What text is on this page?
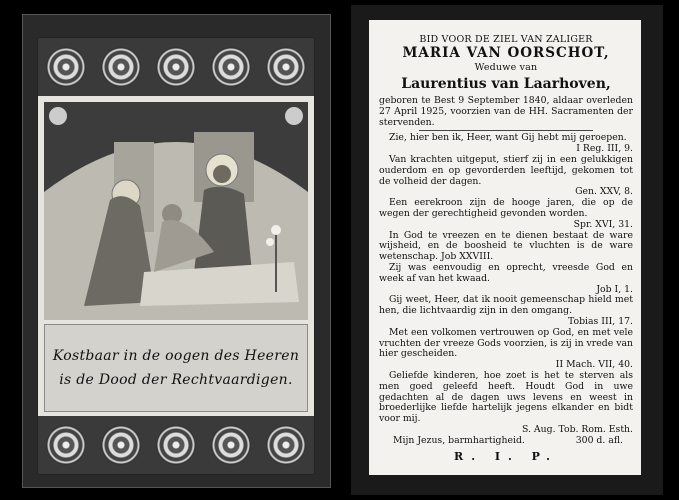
Kostbaar in de oogen des Heeren
is de Dood der Rechtvaardigen.
BID VOOR DE ZIEL VAN ZALIGER
MARIA VAN OORSCHOT,
Weduwe van
Laurentius van Laarhoven,
geboren te Best 9 September 1840, aldaar overleden 27 April 1925, voorzien van de HH. Sacramenten der stervenden.

Zie, hier ben ik, Heer, want Gij hebt mij geroepen.

I Reg. III, 9.

Van krachten uitgeput, stierf zij in een gelukkigen ouderdom en op gevorderden leeftijd, gekomen tot de volheid der dagen.

Gen. XXV, 8.

Een eerekroon zijn de hooge jaren, die op de wegen der gerechtigheid gevonden worden.

Spr. XVI, 31.

In God te vreezen en te dienen bestaat de ware wijsheid, en de boosheid te vluchten is de ware wetenschap. Job XXVIII.

Zij was eenvoudig en oprecht, vreesde God en week af van het kwaad.

Job I, 1.

Gij weet, Heer, dat ik nooit gemeenschap hield met hen, die lichtvaardig zijn in den omgang.

Tobias III, 17.

Met een volkomen vertrouwen op God, en met vele vruchten der vreeze Gods voorzien, is zij in vrede van hier gescheiden.

II Mach. VII, 40.

Geliefde kinderen, hoe zoet is het te sterven als men goed geleefd heeft. Houdt God in uwe gedachten al de dagen uws levens en weest in broederlijke liefde hartelijk jegens elkander en bidt voor mij.

S. Aug. Tob. Rom. Esth.
Mijn Jezus, barmhartigheid.	300 d. afl.
R. I. P.
